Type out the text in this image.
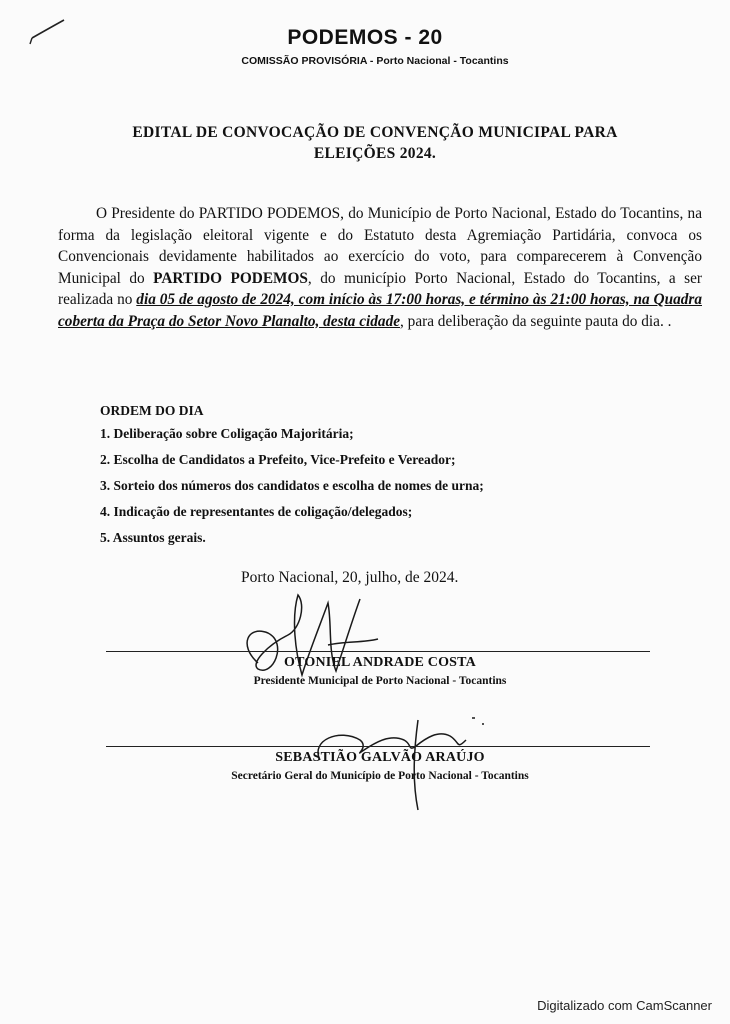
PODEMOS - 20
COMISSÃO PROVISÓRIA - Porto Nacional - Tocantins
EDITAL DE CONVOCAÇÃO DE CONVENÇÃO MUNICIPAL PARA
ELEIÇÕES 2024.

O Presidente do PARTIDO PODEMOS, do Município de Porto Nacional, Estado do Tocantins, na forma da legislação eleitoral vigente e do Estatuto desta Agremiação Partidária, convoca os Convencionais devidamente habilitados ao exercício do voto, para comparecerem à Convenção Municipal do PARTIDO PODEMOS, do município Porto Nacional, Estado do Tocantins, a ser realizada no dia 05 de agosto de 2024, com início às 17:00 horas, e término às 21:00 horas, na Quadra coberta da Praça do Setor Novo Planalto, desta cidade, para deliberação da seguinte pauta do dia. .

ORDEM DO DIA
1. Deliberação sobre Coligação Majoritária;
2. Escolha de Candidatos a Prefeito, Vice-Prefeito e Vereador;
3. Sorteio dos números dos candidatos e escolha de nomes de urna;
4. Indicação de representantes de coligação/delegados;
5. Assuntos gerais.
Porto Nacional, 20, julho, de 2024.
OTONIEL ANDRADE COSTA
Presidente Municipal de Porto Nacional - Tocantins
SEBASTIÃO GALVÃO ARAÚJO
Secretário Geral do Município de Porto Nacional - Tocantins
Digitalizado com CamScanner
